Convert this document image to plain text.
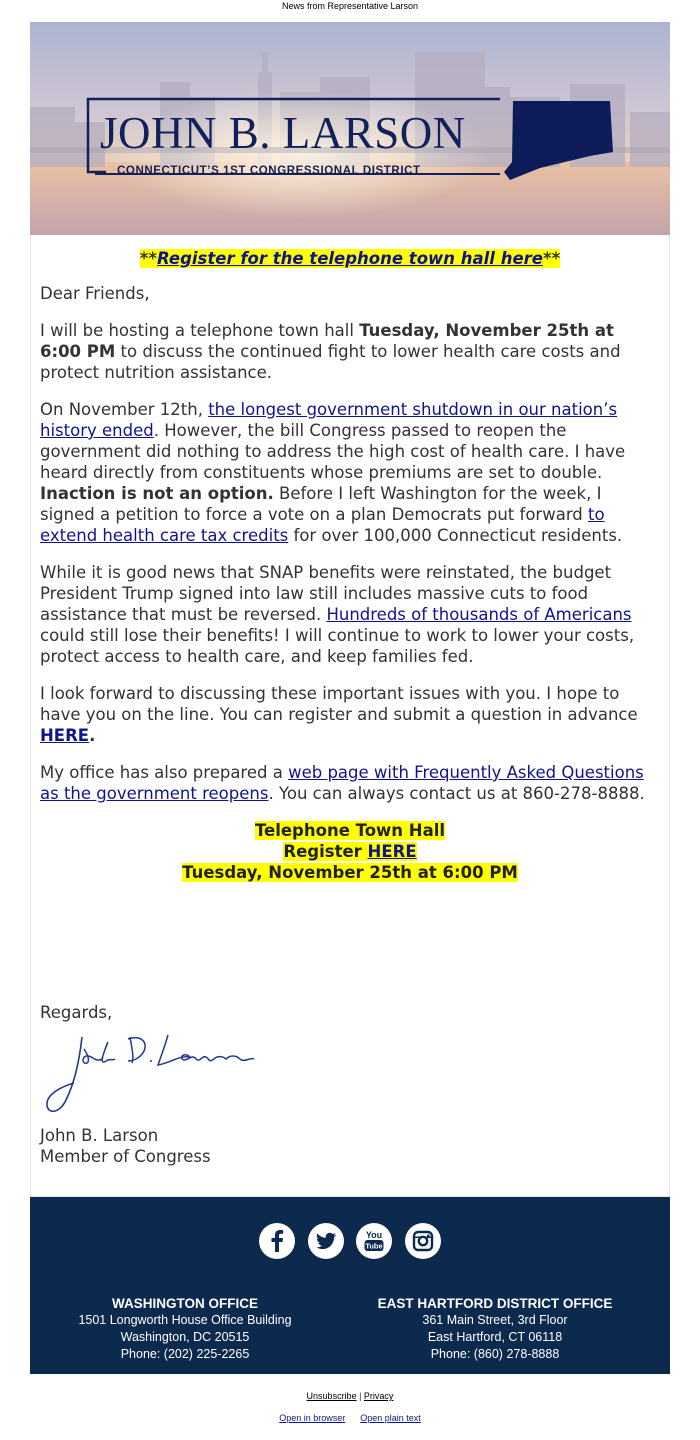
News from Representative Larson
JOHN B. LARSON
CONNECTICUT’S 1ST CONGRESSIONAL DISTRICT

**Register for the telephone town hall here**

Dear Friends,

I will be hosting a telephone town hall Tuesday, November 25th at 6:00 PM to discuss the continued fight to lower health care costs and protect nutrition assistance.

On November 12th, the longest government shutdown in our nation’s history ended. However, the bill Congress passed to reopen the government did nothing to address the high cost of health care. I have heard directly from constituents whose premiums are set to double. Inaction is not an option. Before I left Washington for the week, I signed a petition to force a vote on a plan Democrats put forward to extend health care tax credits for over 100,000 Connecticut residents.

While it is good news that SNAP benefits were reinstated, the budget President Trump signed into law still includes massive cuts to food assistance that must be reversed. Hundreds of thousands of Americans could still lose their benefits! I will continue to work to lower your costs, protect access to health care, and keep families fed.

I look forward to discussing these important issues with you. I hope to have you on the line. You can register and submit a question in advance HERE.

My office has also prepared a web page with Frequently Asked Questions as the government reopens. You can always contact us at 860-278-8888.

Telephone Town Hall
Register HERE
Tuesday, November 25th at 6:00 PM
Regards,
John B. Larson
Member of Congress

You
Tube

WASHINGTON OFFICE
1501 Longworth House Office Building
Washington, DC 20515
Phone: (202) 225-2265
EAST HARTFORD DISTRICT OFFICE
361 Main Street, 3rd Floor
East Hartford, CT 06118
Phone: (860) 278-8888
Unsubscribe | Privacy
Open in browser Open plain text
